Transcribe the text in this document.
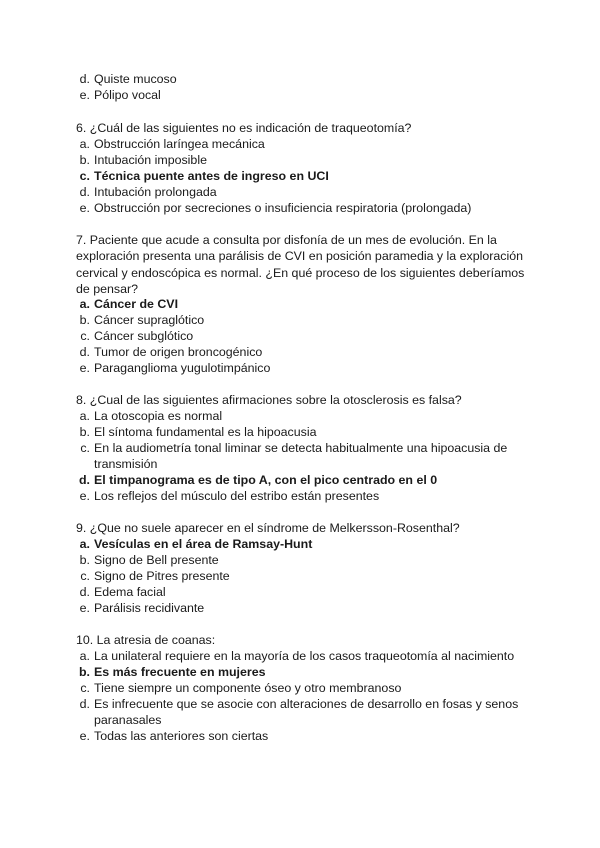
d. Quiste mucoso
e. Pólipo vocal
6. ¿Cuál de las siguientes no es indicación de traqueotomía?
a. Obstrucción laríngea mecánica
b. Intubación imposible
c. Técnica puente antes de ingreso en UCI
d. Intubación prolongada
e. Obstrucción por secreciones o insuficiencia respiratoria (prolongada)
7. Paciente que acude a consulta por disfonía de un mes de evolución. En la exploración presenta una parálisis de CVI en posición paramedia y la exploración cervical y endoscópica es normal. ¿En qué proceso de los siguientes deberíamos de pensar?
a. Cáncer de CVI
b. Cáncer supraglótico
c. Cáncer subglótico
d. Tumor de origen broncogénico
e. Paraganglioma yugulotimpánico
8. ¿Cual de las siguientes afirmaciones sobre la otosclerosis es falsa?
a. La otoscopia es normal
b. El síntoma fundamental es la hipoacusia
c. En la audiometría tonal liminar se detecta habitualmente una hipoacusia de
transmisión
d. El timpanograma es de tipo A, con el pico centrado en el 0
e. Los reflejos del músculo del estribo están presentes
9. ¿Que no suele aparecer en el síndrome de Melkersson-Rosenthal?
a. Vesículas en el área de Ramsay-Hunt
b. Signo de Bell presente
c. Signo de Pitres presente
d. Edema facial
e. Parálisis recidivante
10. La atresia de coanas:
a. La unilateral requiere en la mayoría de los casos traqueotomía al nacimiento
b. Es más frecuente en mujeres
c. Tiene siempre un componente óseo y otro membranoso
d. Es infrecuente que se asocie con alteraciones de desarrollo en fosas y senos
paranasales
e. Todas las anteriores son ciertas
